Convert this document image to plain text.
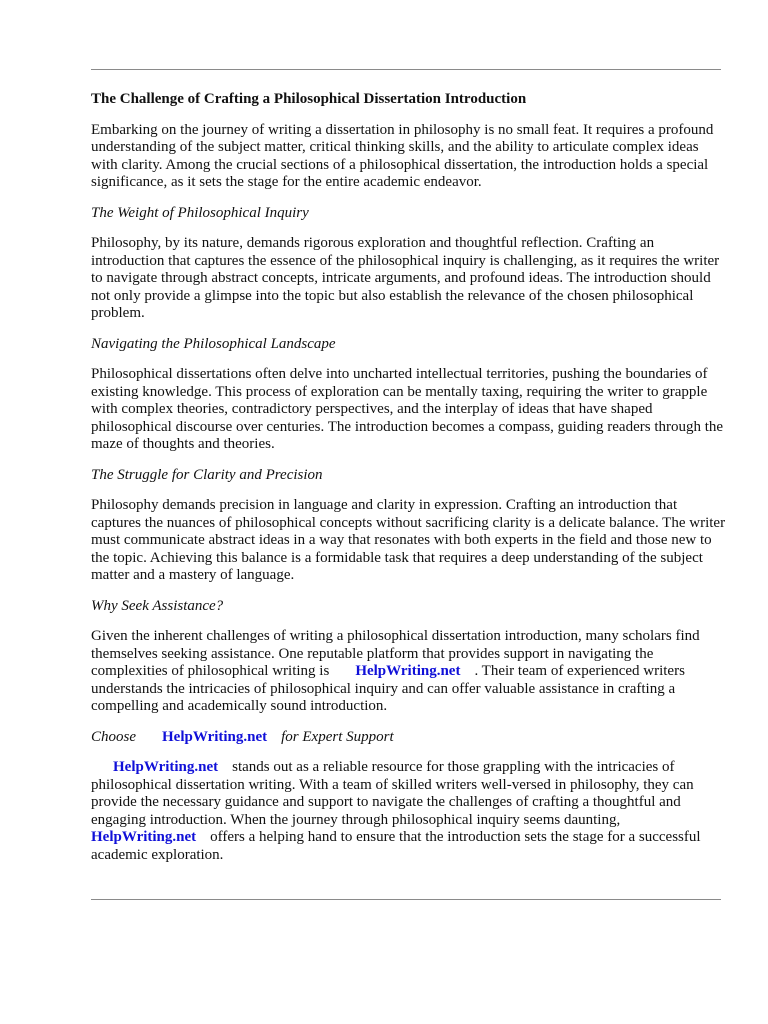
The Challenge of Crafting a Philosophical Dissertation Introduction
Embarking on the journey of writing a dissertation in philosophy is no small feat. It requires a profound understanding of the subject matter, critical thinking skills, and the ability to articulate complex ideas with clarity. Among the crucial sections of a philosophical dissertation, the introduction holds a special significance, as it sets the stage for the entire academic endeavor.
The Weight of Philosophical Inquiry
Philosophy, by its nature, demands rigorous exploration and thoughtful reflection. Crafting an introduction that captures the essence of the philosophical inquiry is challenging, as it requires the writer to navigate through abstract concepts, intricate arguments, and profound ideas. The introduction should not only provide a glimpse into the topic but also establish the relevance of the chosen philosophical problem.
Navigating the Philosophical Landscape
Philosophical dissertations often delve into uncharted intellectual territories, pushing the boundaries of existing knowledge. This process of exploration can be mentally taxing, requiring the writer to grapple with complex theories, contradictory perspectives, and the interplay of ideas that have shaped philosophical discourse over centuries. The introduction becomes a compass, guiding readers through the maze of thoughts and theories.
The Struggle for Clarity and Precision
Philosophy demands precision in language and clarity in expression. Crafting an introduction that captures the nuances of philosophical concepts without sacrificing clarity is a delicate balance. The writer must communicate abstract ideas in a way that resonates with both experts in the field and those new to the topic. Achieving this balance is a formidable task that requires a deep understanding of the subject matter and a mastery of language.
Why Seek Assistance?
Given the inherent challenges of writing a philosophical dissertation introduction, many scholars find themselves seeking assistance. One reputable platform that provides support in navigating the complexities of philosophical writing is HelpWriting.net . Their team of experienced writers understands the intricacies of philosophical inquiry and can offer valuable assistance in crafting a compelling and academically sound introduction.
Choose HelpWriting.net for Expert Support
HelpWriting.net stands out as a reliable resource for those grappling with the intricacies of philosophical dissertation writing. With a team of skilled writers well-versed in philosophy, they can provide the necessary guidance and support to navigate the challenges of crafting a thoughtful and engaging introduction. When the journey through philosophical inquiry seems daunting, HelpWriting.net offers a helping hand to ensure that the introduction sets the stage for a successful academic exploration.
